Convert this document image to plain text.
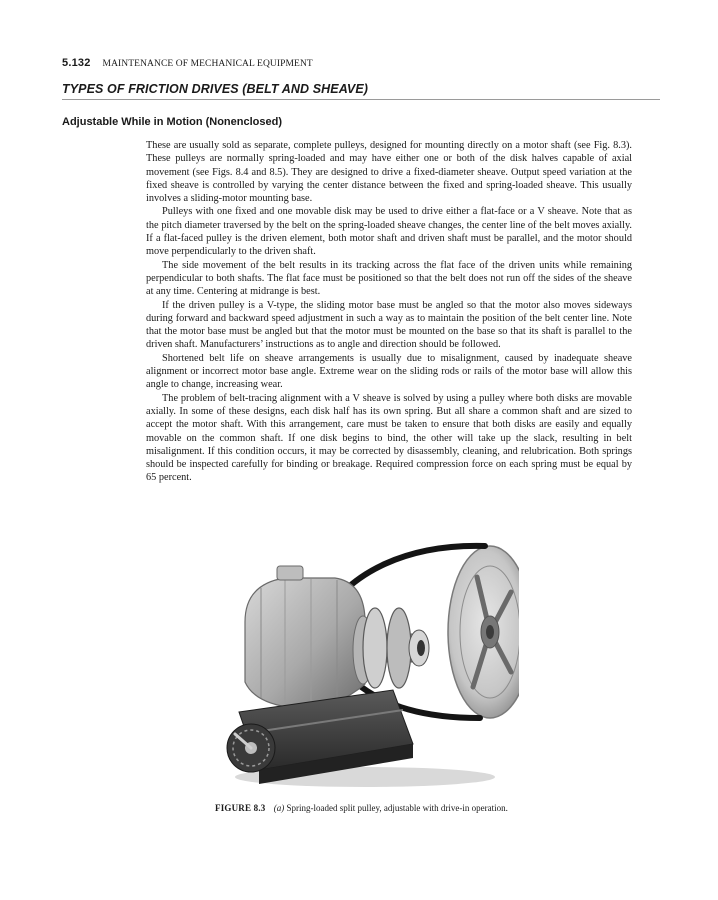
5.132 MAINTENANCE OF MECHANICAL EQUIPMENT
TYPES OF FRICTION DRIVES (BELT AND SHEAVE)
Adjustable While in Motion (Nonenclosed)

These are usually sold as separate, complete pulleys, designed for mounting directly on a motor shaft (see Fig. 8.3). These pulleys are normally spring-loaded and may have either one or both of the disk halves capable of axial movement (see Figs. 8.4 and 8.5). They are designed to drive a fixed-diameter sheave. Output speed variation at the fixed sheave is controlled by varying the center distance between the fixed and spring-loaded sheave. This usually involves a sliding-motor mounting base.

Pulleys with one fixed and one movable disk may be used to drive either a flat-face or a V sheave. Note that as the pitch diameter traversed by the belt on the spring-loaded sheave changes, the center line of the belt moves axially. If a flat-faced pulley is the driven element, both motor shaft and driven shaft must be parallel, and the motor should move perpendicularly to the driven shaft.

The side movement of the belt results in its tracking across the flat face of the driven units while remaining perpendicular to both shafts. The flat face must be positioned so that the belt does not run off the sides of the sheave at any time. Centering at midrange is best.

If the driven pulley is a V-type, the sliding motor base must be angled so that the motor also moves sideways during forward and backward speed adjustment in such a way as to maintain the position of the belt center line. Note that the motor base must be angled but that the motor must be mounted on the base so that its shaft is parallel to the driven shaft. Manufacturers’ instructions as to angle and direction should be followed.

Shortened belt life on sheave arrangements is usually due to misalignment, caused by inadequate sheave alignment or incorrect motor base angle. Extreme wear on the sliding rods or rails of the motor base will allow this angle to change, increasing wear.

The problem of belt-tracing alignment with a V sheave is solved by using a pulley where both disks are movable axially. In some of these designs, each disk half has its own spring. But all share a common shaft and are sized to accept the motor shaft. With this arrangement, care must be taken to ensure that both disks are easily and equally movable on the common shaft. If one disk begins to bind, the other will take up the slack, resulting in belt misalignment. If this condition occurs, it may be corrected by disassembly, cleaning, and relubrication. Both springs should be inspected carefully for binding or breakage. Required compression force on each spring must be equal by 65 percent.

FIGURE 8.3 (a) Spring-loaded split pulley, adjustable with drive-in operation.
